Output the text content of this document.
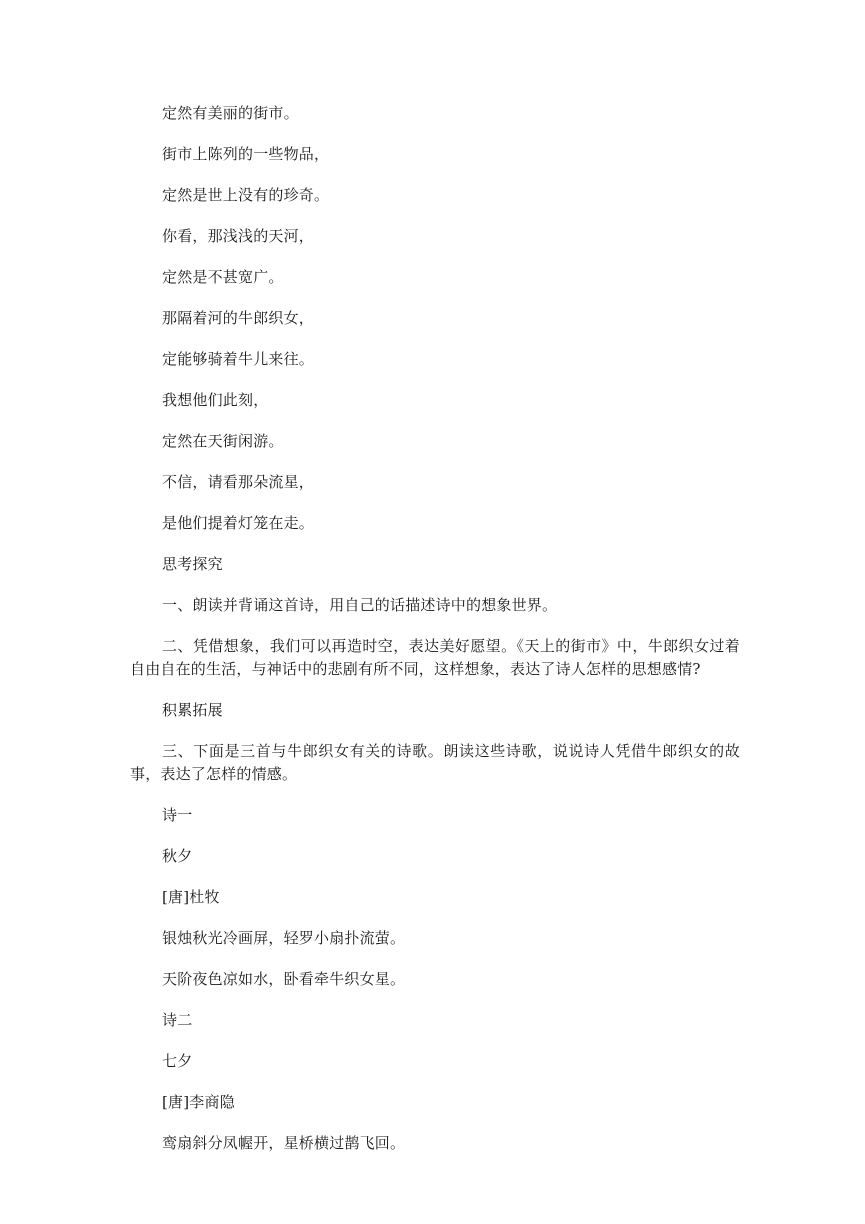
定然有美丽的街市。

街市上陈列的一些物品，

定然是世上没有的珍奇。

你看，那浅浅的天河，

定然是不甚宽广。

那隔着河的牛郎织女，

定能够骑着牛儿来往。

我想他们此刻，

定然在天街闲游。

不信，请看那朵流星，

是他们提着灯笼在走。

思考探究

一、朗读并背诵这首诗，用自己的话描述诗中的想象世界。

二、凭借想象，我们可以再造时空，表达美好愿望。《天上的街市》中，牛郎织女过着自由自在的生活，与神话中的悲剧有所不同，这样想象，表达了诗人怎样的思想感情?

积累拓展

三、下面是三首与牛郎织女有关的诗歌。朗读这些诗歌，说说诗人凭借牛郎织女的故事，表达了怎样的情感。

诗一

秋夕

[唐]杜牧

银烛秋光冷画屏，轻罗小扇扑流萤。

天阶夜色凉如水，卧看牵牛织女星。

诗二

七夕

[唐]李商隐

鸾扇斜分凤幄开，星桥横过鹊飞回。
